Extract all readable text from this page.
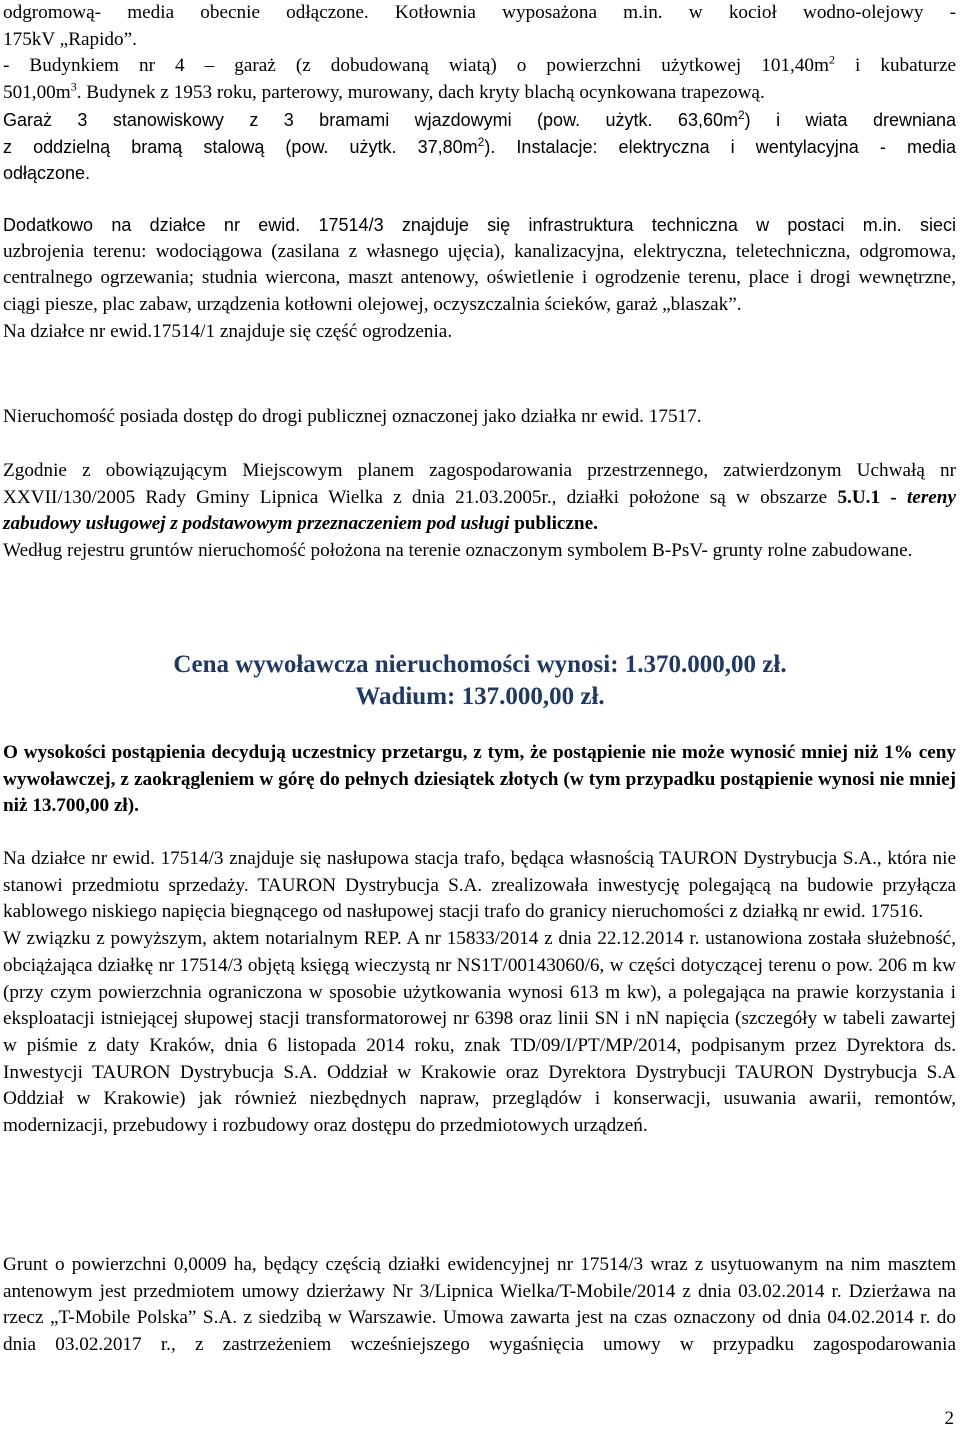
odgromową- media obecnie odłączone. Kotłownia wyposażona m.in. w kocioł wodno-olejowy -

175kV „Rapido”.

- Budynkiem nr 4 – garaż (z dobudowaną wiatą) o powierzchni użytkowej $101,40m^2$ i kubaturze

$501,00m^3$. Budynek z 1953 roku, parterowy, murowany, dach kryty blachą ocynkowana trapezową.

Garaż 3 stanowiskowy z 3 bramami wjazdowymi (pow. użytk. $63,60m^2$) i wiata drewniana

z oddzielną bramą stalową (pow. użytk. $37,80m^2$). Instalacje: elektryczna i wentylacyjna - media

odłączone.

Dodatkowo na działce nr ewid. 17514/3 znajduje się infrastruktura techniczna w postaci m.in. sieci

uzbrojenia terenu: wodociągowa (zasilana z własnego ujęcia), kanalizacyjna, elektryczna, teletechniczna, odgromowa, centralnego ogrzewania; studnia wiercona, maszt antenowy, oświetlenie i ogrodzenie terenu, place i drogi wewnętrzne, ciągi piesze, plac zabaw, urządzenia kotłowni olejowej, oczyszczalnia ścieków, garaż „blaszak”.

Na działce nr ewid.17514/1 znajduje się część ogrodzenia.

Nieruchomość posiada dostęp do drogi publicznej oznaczonej jako działka nr ewid. 17517.

Zgodnie z obowiązującym Miejscowym planem zagospodarowania przestrzennego, zatwierdzonym Uchwałą nr XXVII/130/2005 Rady Gminy Lipnica Wielka z dnia 21.03.2005r., działki położone są w obszarze 5.U.1 - tereny zabudowy usługowej z podstawowym przeznaczeniem pod usługi publiczne.

Według rejestru gruntów nieruchomość położona na terenie oznaczonym symbolem B-PsV- grunty rolne zabudowane.

Cena wywoławcza nieruchomości wynosi: 1.370.000,00 zł.
Wadium: 137.000,00 zł.

O wysokości postąpienia decydują uczestnicy przetargu, z tym, że postąpienie nie może wynosić mniej niż 1% ceny wywoławczej, z zaokrągleniem w górę do pełnych dziesiątek złotych (w tym przypadku postąpienie wynosi nie mniej niż 13.700,00 zł).

Na działce nr ewid. 17514/3 znajduje się nasłupowa stacja trafo, będąca własnością TAURON Dystrybucja S.A., która nie stanowi przedmiotu sprzedaży. TAURON Dystrybucja S.A. zrealizowała inwestycję polegającą na budowie przyłącza kablowego niskiego napięcia biegnącego od nasłupowej stacji trafo do granicy nieruchomości z działką nr ewid. 17516.

W związku z powyższym, aktem notarialnym REP. A nr 15833/2014 z dnia 22.12.2014 r. ustanowiona została służebność, obciążająca działkę nr 17514/3 objętą księgą wieczystą nr NS1T/00143060/6, w części dotyczącej terenu o pow. 206 m kw (przy czym powierzchnia ograniczona w sposobie użytkowania wynosi 613 m kw), a polegająca na prawie korzystania i eksploatacji istniejącej słupowej stacji transformatorowej nr 6398 oraz linii SN i nN napięcia (szczegóły w tabeli zawartej w piśmie z daty Kraków, dnia 6 listopada 2014 roku, znak TD/09/I/PT/MP/2014, podpisanym przez Dyrektora ds. Inwestycji TAURON Dystrybucja S.A. Oddział w Krakowie oraz Dyrektora Dystrybucji TAURON Dystrybucja S.A Oddział w Krakowie) jak również niezbędnych napraw, przeglądów i konserwacji, usuwania awarii, remontów, modernizacji, przebudowy i rozbudowy oraz dostępu do przedmiotowych urządzeń.

Grunt o powierzchni 0,0009 ha, będący częścią działki ewidencyjnej nr 17514/3 wraz z usytuowanym na nim masztem antenowym jest przedmiotem umowy dzierżawy Nr 3/Lipnica Wielka/T-Mobile/2014 z dnia 03.02.2014 r. Dzierżawa na rzecz „T-Mobile Polska” S.A. z siedzibą w Warszawie. Umowa zawarta jest na czas oznaczony od dnia 04.02.2014 r. do dnia 03.02.2017 r., z zastrzeżeniem wcześniejszego wygaśnięcia umowy w przypadku zagospodarowania

2
